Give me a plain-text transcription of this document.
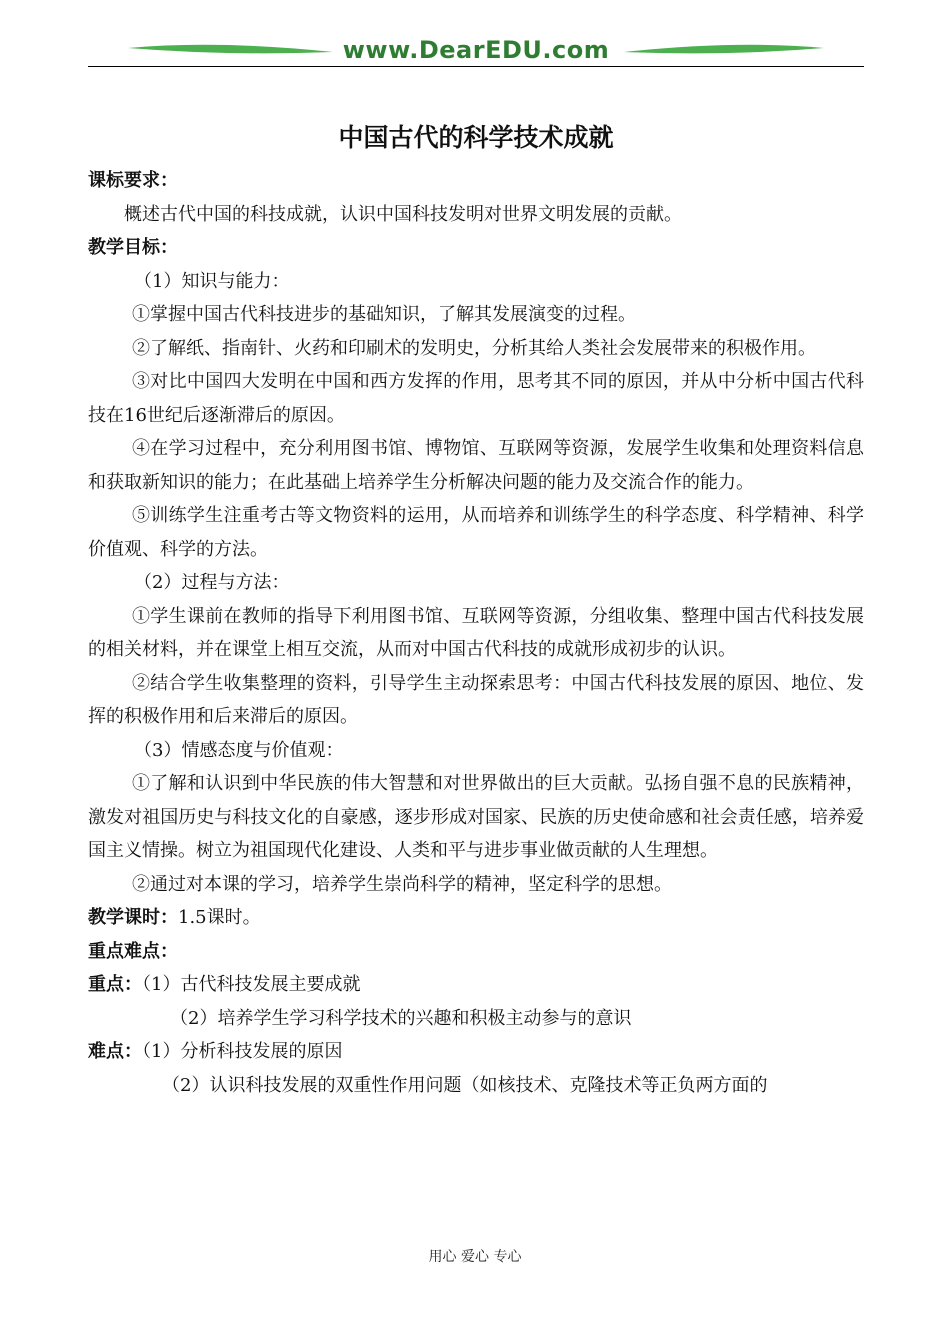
www.DearEDU.com
中国古代的科学技术成就

课标要求：

概述古代中国的科技成就，认识中国科技发明对世界文明发展的贡献。

教学目标：

（1）知识与能力：

①掌握中国古代科技进步的基础知识，了解其发展演变的过程。

②了解纸、指南针、火药和印刷术的发明史，分析其给人类社会发展带来的积极作用。

③对比中国四大发明在中国和西方发挥的作用，思考其不同的原因，并从中分析中国古代科技在16世纪后逐渐滞后的原因。

④在学习过程中，充分利用图书馆、博物馆、互联网等资源，发展学生收集和处理资料信息和获取新知识的能力；在此基础上培养学生分析解决问题的能力及交流合作的能力。

⑤训练学生注重考古等文物资料的运用，从而培养和训练学生的科学态度、科学精神、科学价值观、科学的方法。

（2）过程与方法：

①学生课前在教师的指导下利用图书馆、互联网等资源，分组收集、整理中国古代科技发展的相关材料，并在课堂上相互交流，从而对中国古代科技的成就形成初步的认识。

②结合学生收集整理的资料，引导学生主动探索思考：中国古代科技发展的原因、地位、发挥的积极作用和后来滞后的原因。

（3）情感态度与价值观：

①了解和认识到中华民族的伟大智慧和对世界做出的巨大贡献。弘扬自强不息的民族精神，激发对祖国历史与科技文化的自豪感，逐步形成对国家、民族的历史使命感和社会责任感，培养爱国主义情操。树立为祖国现代化建设、人类和平与进步事业做贡献的人生理想。

②通过对本课的学习，培养学生崇尚科学的精神，坚定科学的思想。

教学课时：1.5课时。

重点难点：

重点：（1）古代科技发展主要成就

（2）培养学生学习科学技术的兴趣和积极主动参与的意识

难点：（1）分析科技发展的原因

（2）认识科技发展的双重性作用问题（如核技术、克隆技术等正负两方面的

用心 爱心 专心
